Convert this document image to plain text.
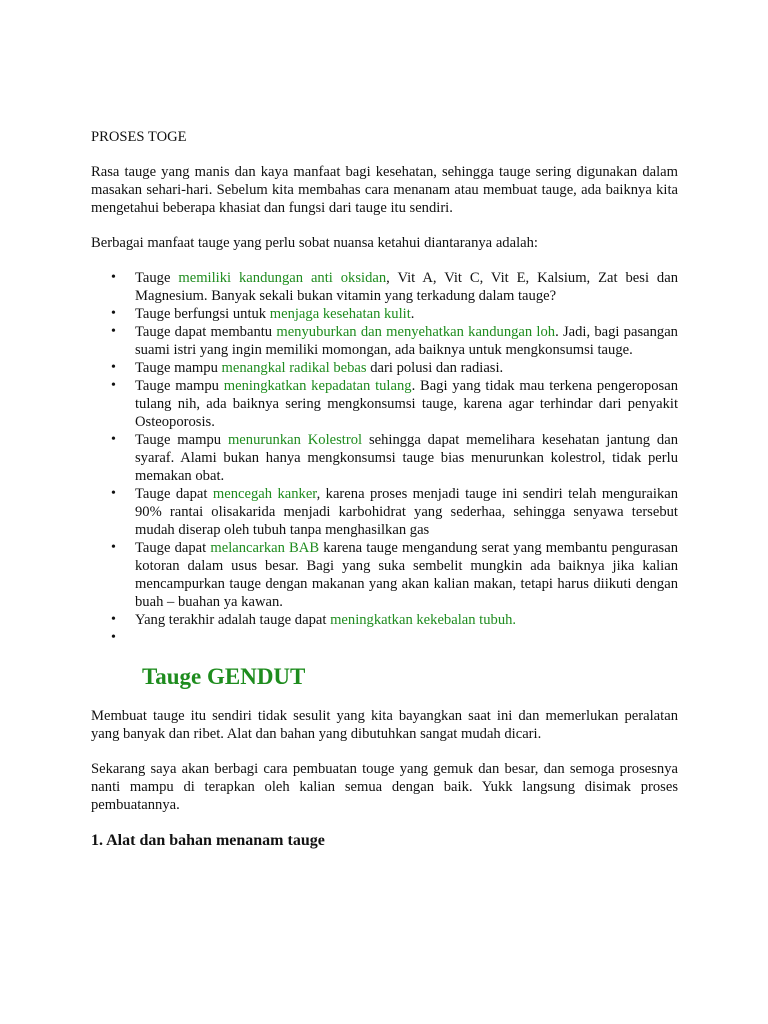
PROSES TOGE

Rasa tauge yang manis dan kaya manfaat bagi kesehatan, sehingga tauge sering digunakan dalam masakan sehari-hari. Sebelum kita membahas cara menanam atau membuat tauge, ada baiknya kita mengetahui beberapa khasiat dan fungsi dari tauge itu sendiri.

Berbagai manfaat tauge yang perlu sobat nuansa ketahui diantaranya adalah:

• Tauge memiliki kandungan anti oksidan, Vit A, Vit C, Vit E, Kalsium, Zat besi dan Magnesium. Banyak sekali bukan vitamin yang terkadung dalam tauge?
• Tauge berfungsi untuk menjaga kesehatan kulit.
• Tauge dapat membantu menyuburkan dan menyehatkan kandungan loh. Jadi, bagi pasangan suami istri yang ingin memiliki momongan, ada baiknya untuk mengkonsumsi tauge.
• Tauge mampu menangkal radikal bebas dari polusi dan radiasi.
• Tauge mampu meningkatkan kepadatan tulang. Bagi yang tidak mau terkena pengeroposan tulang nih, ada baiknya sering mengkonsumsi tauge, karena agar terhindar dari penyakit Osteoporosis.
• Tauge mampu menurunkan Kolestrol sehingga dapat memelihara kesehatan jantung dan syaraf. Alami bukan hanya mengkonsumsi tauge bias menurunkan kolestrol, tidak perlu memakan obat.
• Tauge dapat mencegah kanker, karena proses menjadi tauge ini sendiri telah menguraikan 90% rantai olisakarida menjadi karbohidrat yang sederhaa, sehingga senyawa tersebut mudah diserap oleh tubuh tanpa menghasilkan gas
• Tauge dapat melancarkan BAB karena tauge mengandung serat yang membantu pengurasan kotoran dalam usus besar. Bagi yang suka sembelit mungkin ada baiknya jika kalian mencampurkan tauge dengan makanan yang akan kalian makan, tetapi harus diikuti dengan buah – buahan ya kawan.
• Yang terakhir adalah tauge dapat meningkatkan kekebalan tubuh.
•

Tauge GENDUT

Membuat tauge itu sendiri tidak sesulit yang kita bayangkan saat ini dan memerlukan peralatan yang banyak dan ribet. Alat dan bahan yang dibutuhkan sangat mudah dicari.

Sekarang saya akan berbagi cara pembuatan touge yang gemuk dan besar, dan semoga prosesnya nanti mampu di terapkan oleh kalian semua dengan baik. Yukk langsung disimak proses pembuatannya.

1. Alat dan bahan menanam tauge
